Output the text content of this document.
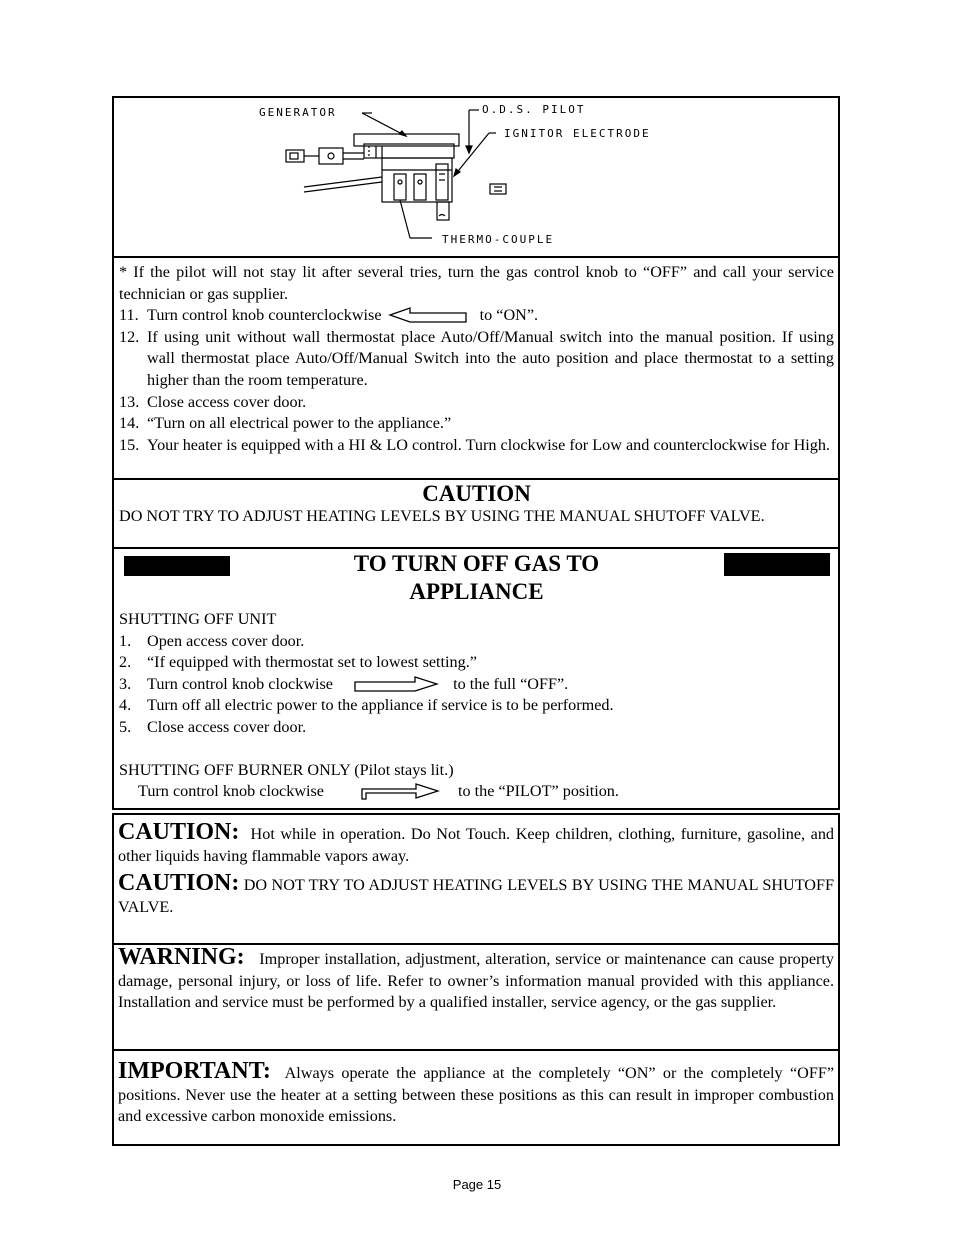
GENERATOR	O.D.S. PILOT
IGNITOR ELECTRODE
THERMO-COUPLE

* If the pilot will not stay lit after several tries, turn the gas control knob to “OFF” and call your service technician or gas supplier.

11. Turn control knob counterclockwise	to “ON”.
12. If using unit without wall thermostat place Auto/Off/Manual switch into the manual position. If using wall thermostat place Auto/Off/Manual Switch into the auto position and place thermostat to a setting higher than the room temperature.
13. Close access cover door.
14. “Turn on all electrical power to the appliance.”
15. Your heater is equipped with a HI & LO control. Turn clockwise for Low and counterclockwise for High.
CAUTION

DO NOT TRY TO ADJUST HEATING LEVELS BY USING THE MANUAL SHUTOFF VALVE.

TO TURN OFF GAS TO
APPLIANCE

SHUTTING OFF UNIT

1. Open access cover door.
2. “If equipped with thermostat set to lowest setting.”
3. Turn control knob clockwise	to the full “OFF”.
4. Turn off all electric power to the appliance if service is to be performed.
5. Close access cover door.

SHUTTING OFF BURNER ONLY (Pilot stays lit.)

Turn control knob clockwise	to the “PILOT” position.

CAUTION: Hot while in operation. Do Not Touch. Keep children, clothing, furniture, gasoline, and other liquids having flammable vapors away.

CAUTION: DO NOT TRY TO ADJUST HEATING LEVELS BY USING THE MANUAL SHUTOFF VALVE.

WARNING: Improper installation, adjustment, alteration, service or maintenance can cause property damage, personal injury, or loss of life. Refer to owner’s information manual provided with this appliance. Installation and service must be performed by a qualified installer, service agency, or the gas supplier.

IMPORTANT: Always operate the appliance at the completely “ON” or the completely “OFF” positions. Never use the heater at a setting between these positions as this can result in improper combustion and excessive carbon monoxide emissions.

Page 15
